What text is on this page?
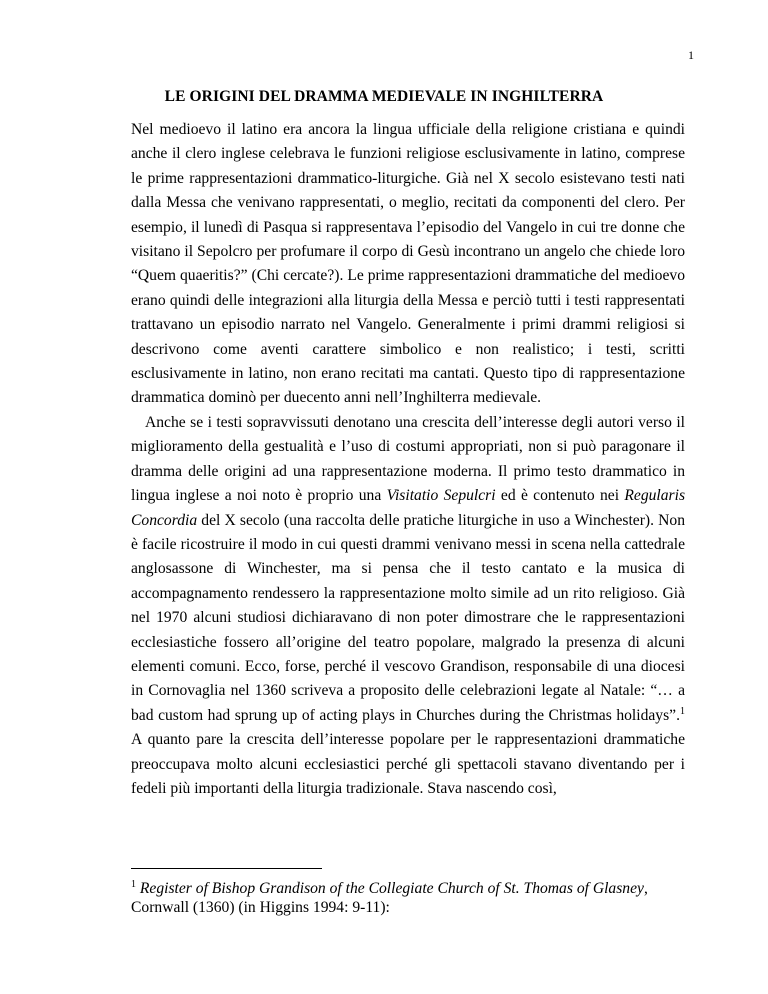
1
LE ORIGINI DEL DRAMMA MEDIEVALE IN INGHILTERRA

Nel medioevo il latino era ancora la lingua ufficiale della religione cristiana e quindi anche il clero inglese celebrava le funzioni religiose esclusivamente in latino, comprese le prime rappresentazioni drammatico-liturgiche. Già nel X secolo esistevano testi nati dalla Messa che venivano rappresentati, o meglio, recitati da componenti del clero. Per esempio, il lunedì di Pasqua si rappresentava l’episodio del Vangelo in cui tre donne che visitano il Sepolcro per profumare il corpo di Gesù incontrano un angelo che chiede loro “Quem quaeritis?” (Chi cercate?). Le prime rappresentazioni drammatiche del medioevo erano quindi delle integrazioni alla liturgia della Messa e perciò tutti i testi rappresentati trattavano un episodio narrato nel Vangelo. Generalmente i primi drammi religiosi si descrivono come aventi carattere simbolico e non realistico; i testi, scritti esclusivamente in latino, non erano recitati ma cantati. Questo tipo di rappresentazione drammatica dominò per duecento anni nell’Inghilterra medievale.

Anche se i testi sopravvissuti denotano una crescita dell’interesse degli autori verso il miglioramento della gestualità e l’uso di costumi appropriati, non si può paragonare il dramma delle origini ad una rappresentazione moderna. Il primo testo drammatico in lingua inglese a noi noto è proprio una Visitatio Sepulcri ed è contenuto nei Regularis Concordia del X secolo (una raccolta delle pratiche liturgiche in uso a Winchester). Non è facile ricostruire il modo in cui questi drammi venivano messi in scena nella cattedrale anglosassone di Winchester, ma si pensa che il testo cantato e la musica di accompagnamento rendessero la rappresentazione molto simile ad un rito religioso. Già nel 1970 alcuni studiosi dichiaravano di non poter dimostrare che le rappresentazioni ecclesiastiche fossero all’origine del teatro popolare, malgrado la presenza di alcuni elementi comuni. Ecco, forse, perché il vescovo Grandison, responsabile di una diocesi in Cornovaglia nel 1360 scriveva a proposito delle celebrazioni legate al Natale: “… a bad custom had sprung up of acting plays in Churches during the Christmas holidays”.$^1$ A quanto pare la crescita dell’interesse popolare per le rappresentazioni drammatiche preoccupava molto alcuni ecclesiastici perché gli spettacoli stavano diventando per i fedeli più importanti della liturgia tradizionale. Stava nascendo così,

$^1$ Register of Bishop Grandison of the Collegiate Church of St. Thomas of Glasney, Cornwall (1360) (in Higgins 1994: 9-11):
